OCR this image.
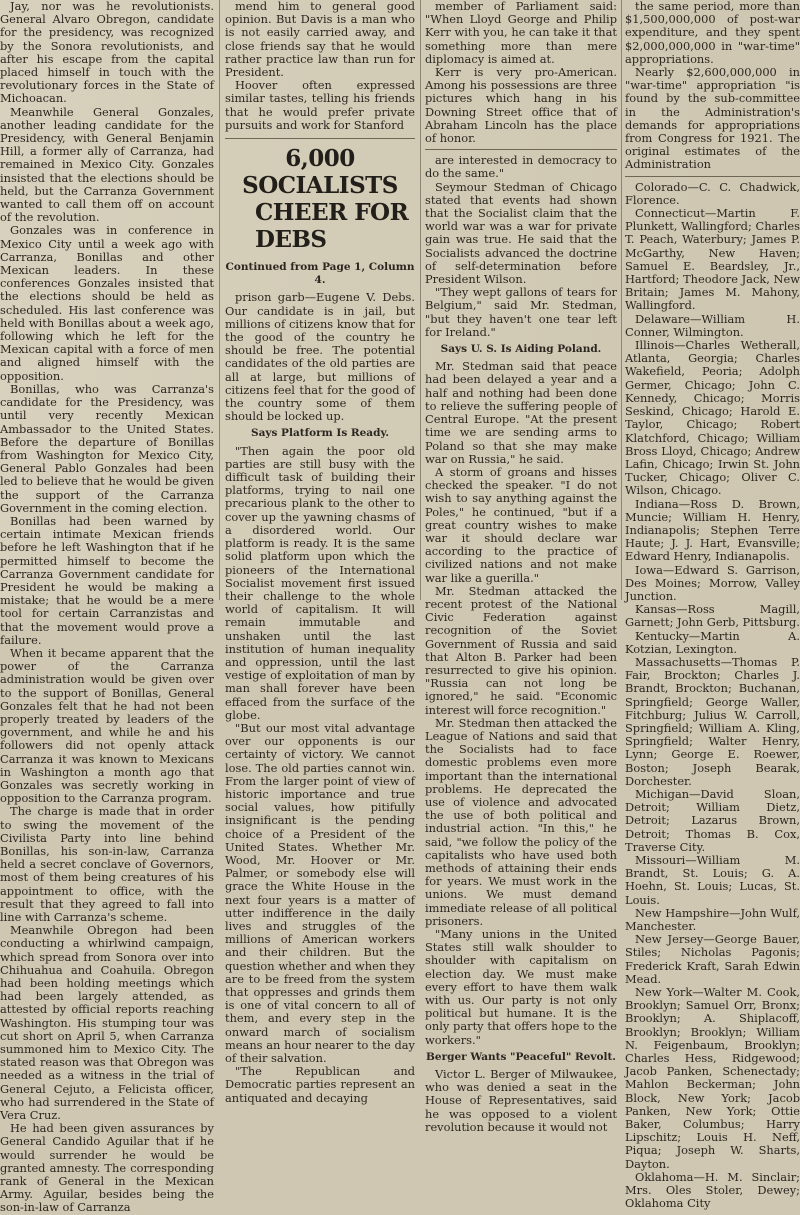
Jay, nor was he revolutionists. General Alvaro Obregon, candidate for the presidency, was recognized by the Sonora revolutionists, and after his escape from the capital placed himself in touch with the revolutionary forces in the State of Michoacan.

Meanwhile General Gonzales, another leading candidate for the Presidency, with General Benjamin Hill, a former ally of Carranza, had remained in Mexico City. Gonzales insisted that the elections should be held, but the Carranza Government wanted to call them off on account of the revolution.

Gonzales was in conference in Mexico City until a week ago with Carranza, Bonillas and other Mexican leaders. In these conferences Gonzales insisted that the elections should be held as scheduled. His last conference was held with Bonillas about a week ago, following which he left for the Mexican capital with a force of men and aligned himself with the opposition.

Bonillas, who was Carranza's candidate for the Presidency, was until very recently Mexican Ambassador to the United States. Before the departure of Bonillas from Washington for Mexico City, General Pablo Gonzales had been led to believe that he would be given the support of the Carranza Government in the coming election.

Bonillas had been warned by certain intimate Mexican friends before he left Washington that if he permitted himself to become the Carranza Government candidate for President he would be making a mistake; that he would be a mere tool for certain Carranzistas and that the movement would prove a failure.

When it became apparent that the power of the Carranza administration would be given over to the support of Bonillas, General Gonzales felt that he had not been properly treated by leaders of the government, and while he and his followers did not openly attack Carranza it was known to Mexicans in Washington a month ago that Gonzales was secretly working in opposition to the Carranza program.

The charge is made that in order to swing the movement of the Civilista Party into line behind Bonillas, his son-in-law, Carranza held a secret conclave of Governors, most of them being creatures of his appointment to office, with the result that they agreed to fall into line with Carranza's scheme.

Meanwhile Obregon had been conducting a whirlwind campaign, which spread from Sonora over into Chihuahua and Coahuila. Obregon had been holding meetings which had been largely attended, as attested by official reports reaching Washington. His stumping tour was cut short on April 5, when Carranza summoned him to Mexico City. The stated reason was that Obregon was needed as a witness in the trial of General Cejuto, a Felicista officer, who had surrendered in the State of Vera Cruz.

He had been given assurances by General Candido Aguilar that if he would surrender he would be granted amnesty. The corresponding rank of General in the Mexican Army. Aguilar, besides being the son-in-law of Carranza

mend him to general good opinion. But Davis is a man who is not easily carried away, and close friends say that he would rather practice law than run for President.

Hoover often expressed similar tastes, telling his friends that he would prefer private pursuits and work for Stanford

6,000 SOCIALISTS
CHEER FOR DEBS
Continued from Page 1, Column 4.

prison garb—Eugene V. Debs. Our candidate is in jail, but millions of citizens know that for the good of the country he should be free. The potential candidates of the old parties are all at large, but millions of citizens feel that for the good of the country some of them should be locked up.

Says Platform Is Ready.

"Then again the poor old parties are still busy with the difficult task of building their platforms, trying to nail one precarious plank to the other to cover up the yawning chasms of a disordered world. Our platform is ready. It is the same solid platform upon which the pioneers of the International Socialist movement first issued their challenge to the whole world of capitalism. It will remain immutable and unshaken until the last institution of human inequality and oppression, until the last vestige of exploitation of man by man shall forever have been effaced from the surface of the globe.

"But our most vital advantage over our opponents is our certainty of victory. We cannot lose. The old parties cannot win. From the larger point of view of historic importance and true social values, how pitifully insignificant is the pending choice of a President of the United States. Whether Mr. Wood, Mr. Hoover or Mr. Palmer, or somebody else will grace the White House in the next four years is a matter of utter indifference in the daily lives and struggles of the millions of American workers and their children. But the question whether and when they are to be freed from the system that oppresses and grinds them is one of vital concern to all of them, and every step in the onward march of socialism means an hour nearer to the day of their salvation.

"The Republican and Democratic parties represent an antiquated and decaying

member of Parliament said: "When Lloyd George and Philip Kerr with you, he can take it that something more than mere diplomacy is aimed at.

Kerr is very pro-American. Among his possessions are three pictures which hang in his Downing Street office that of Abraham Lincoln has the place of honor.

are interested in democracy to do the same."

Seymour Stedman of Chicago stated that events had shown that the Socialist claim that the world war was a war for private gain was true. He said that the Socialists advanced the doctrine of self-determination before President Wilson.

"They wept gallons of tears for Belgium," said Mr. Stedman, "but they haven't one tear left for Ireland."

Says U. S. Is Aiding Poland.

Mr. Stedman said that peace had been delayed a year and a half and nothing had been done to relieve the suffering people of Central Europe. "At the present time we are sending arms to Poland so that she may make war on Russia," he said.

A storm of groans and hisses checked the speaker. "I do not wish to say anything against the Poles," he continued, "but if a great country wishes to make war it should declare war according to the practice of civilized nations and not make war like a guerilla."

Mr. Stedman attacked the recent protest of the National Civic Federation against recognition of the Soviet Government of Russia and said that Alton B. Parker had been resurrected to give his opinion. "Russia can not long be ignored," he said. "Economic interest will force recognition."

Mr. Stedman then attacked the League of Nations and said that the Socialists had to face domestic problems even more important than the international problems. He deprecated the use of violence and advocated the use of both political and industrial action. "In this," he said, "we follow the policy of the capitalists who have used both methods of attaining their ends for years. We must work in the unions. We must demand immediate release of all political prisoners.

"Many unions in the United States still walk shoulder to shoulder with capitalism on election day. We must make every effort to have them walk with us. Our party is not only political but humane. It is the only party that offers hope to the workers."

Berger Wants "Peaceful" Revolt.

Victor L. Berger of Milwaukee, who was denied a seat in the House of Representatives, said he was opposed to a violent revolution because it would not

the same period, more than $1,500,000,000 of post-war expenditure, and they spent $2,000,000,000 in "war-time" appropriations.

Nearly $2,600,000,000 in "war-time" appropriation "is found by the sub-committee in the Administration's demands for appropriations from Congress for 1921. The original estimates of the Administration

Colorado—C. C. Chadwick, Florence.

Connecticut—Martin F. Plunkett, Wallingford; Charles T. Peach, Waterbury; James P. McGarthy, New Haven; Samuel E. Beardsley, Jr., Hartford; Theodore Jack, New Britain; James M. Mahony, Wallingford.

Delaware—William H. Conner, Wilmington.

Illinois—Charles Wetherall, Atlanta, Georgia; Charles Wakefield, Peoria; Adolph Germer, Chicago; John C. Kennedy, Chicago; Morris Seskind, Chicago; Harold E. Taylor, Chicago; Robert Klatchford, Chicago; William Bross Lloyd, Chicago; Andrew Lafin, Chicago; Irwin St. John Tucker, Chicago; Oliver C. Wilson, Chicago.

Indiana—Ross D. Brown, Muncie; William H. Henry, Indianapolis; Stephen Terre Haute; J. J. Hart, Evansville; Edward Henry, Indianapolis.

Iowa—Edward S. Garrison, Des Moines; Morrow, Valley Junction.

Kansas—Ross Magill, Garnett; John Gerb, Pittsburg.

Kentucky—Martin A. Kotzian, Lexington.

Massachusetts—Thomas P. Fair, Brockton; Charles J. Brandt, Brockton; Buchanan, Springfield; George Waller, Fitchburg; Julius W. Carroll, Springfield; William A. Kling, Springfield; Walter Henry, Lynn; George E. Roewer, Boston; Joseph Bearak, Dorchester.

Michigan—David Sloan, Detroit; William Dietz, Detroit; Lazarus Brown, Detroit; Thomas B. Cox, Traverse City.

Missouri—William M. Brandt, St. Louis; G. A. Hoehn, St. Louis; Lucas, St. Louis.

New Hampshire—John Wulf, Manchester.

New Jersey—George Bauer, Stiles; Nicholas Pagonis; Frederick Kraft, Sarah Edwin Mead.

New York—Walter M. Cook, Brooklyn; Samuel Orr, Bronx; Brooklyn; A. Shiplacoff, Brooklyn; Brooklyn; William N. Feigenbaum, Brooklyn; Charles Hess, Ridgewood; Jacob Panken, Schenectady; Mahlon Beckerman; John Block, New York; Jacob Panken, New York; Ottie Baker, Columbus; Harry Lipschitz; Louis H. Neff, Piqua; Joseph W. Sharts, Dayton.

Oklahoma—H. M. Sinclair; Mrs. Oles Stoler, Dewey; Oklahoma City
